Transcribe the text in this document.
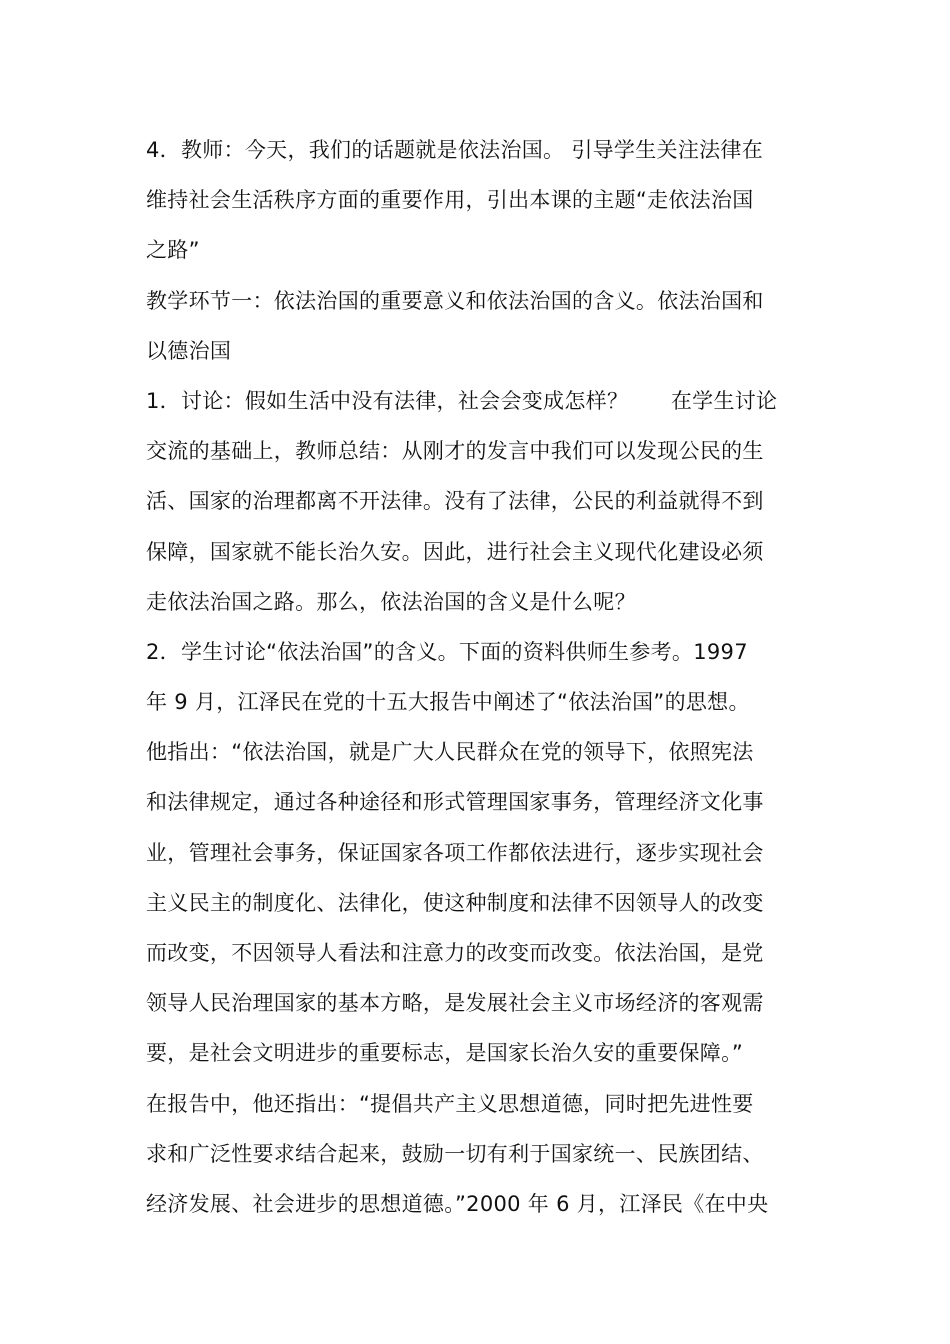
4．教师：今天，我们的话题就是依法治国。 引导学生关注法律在
维持社会生活秩序方面的重要作用，引出本课的主题“走依法治国
之路”
教学环节一：依法治国的重要意义和依法治国的含义。依法治国和
以德治国
1．讨论：假如生活中没有法律，社会会变成怎样？　　在学生讨论
交流的基础上，教师总结：从刚才的发言中我们可以发现公民的生
活、国家的治理都离不开法律。没有了法律，公民的利益就得不到
保障，国家就不能长治久安。因此，进行社会主义现代化建设必须
走依法治国之路。那么，依法治国的含义是什么呢？
2．学生讨论“依法治国”的含义。下面的资料供师生参考。1997
年 9 月，江泽民在党的十五大报告中阐述了“依法治国”的思想。
他指出：“依法治国，就是广大人民群众在党的领导下，依照宪法
和法律规定，通过各种途径和形式管理国家事务，管理经济文化事
业，管理社会事务，保证国家各项工作都依法进行，逐步实现社会
主义民主的制度化、法律化，使这种制度和法律不因领导人的改变
而改变，不因领导人看法和注意力的改变而改变。依法治国，是党
领导人民治理国家的基本方略，是发展社会主义市场经济的客观需
要，是社会文明进步的重要标志，是国家长治久安的重要保障。”
在报告中，他还指出：“提倡共产主义思想道德，同时把先进性要
求和广泛性要求结合起来，鼓励一切有利于国家统一、民族团结、
经济发展、社会进步的思想道德。”2000 年 6 月，江泽民《在中央
